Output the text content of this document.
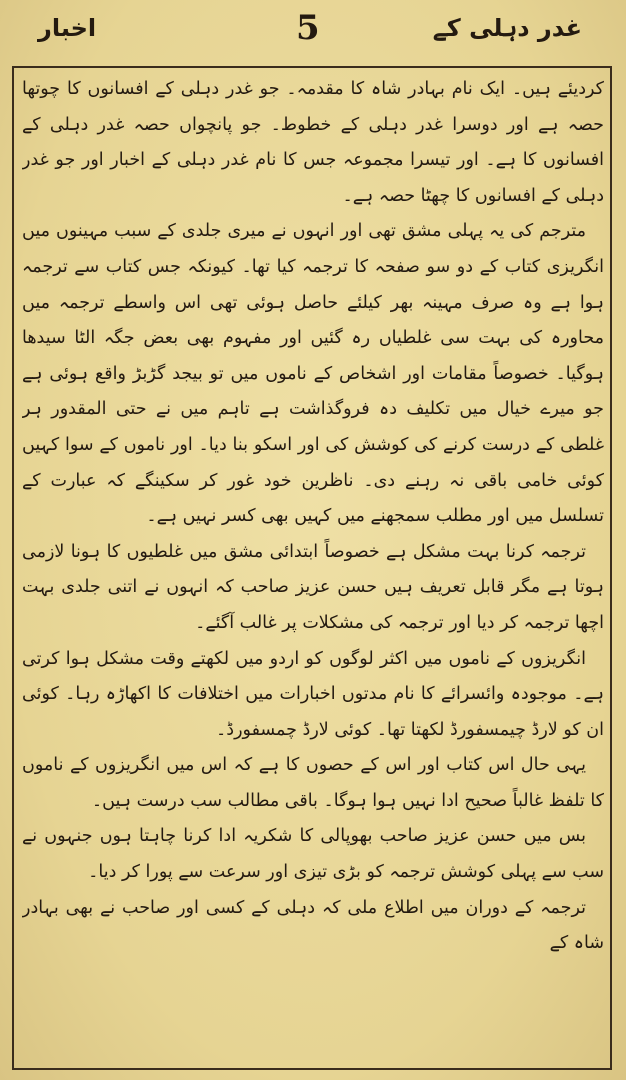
اخبار	5	غدر دہلی کے

کردیئے ہیں۔ ایک نام بہادر شاہ کا مقدمہ۔ جو غدر دہلی کے افسانوں کا چوتھا حصہ ہے اور دوسرا غدر دہلی کے خطوط۔ جو پانچواں حصہ غدر دہلی کے افسانوں کا ہے۔ اور تیسرا مجموعہ جس کا نام غدر دہلی کے اخبار اور جو غدر دہلی کے افسانوں کا چھٹا حصہ ہے۔

مترجم کی یہ پہلی مشق تھی اور انہوں نے میری جلدی کے سبب مہینوں میں انگریزی کتاب کے دو سو صفحہ کا ترجمہ کیا تھا۔ کیونکہ جس کتاب سے ترجمہ ہوا ہے وہ صرف مہینہ بھر کیلئے حاصل ہوئی تھی اس واسطے ترجمہ میں محاورہ کی بہت سی غلطیاں رہ گئیں اور مفہوم بھی بعض جگہ الٹا سیدھا ہوگیا۔ خصوصاً مقامات اور اشخاص کے ناموں میں تو بیجد گڑبڑ واقع ہوئی ہے جو میرے خیال میں تکلیف دہ فروگذاشت ہے تاہم میں نے حتی المقدور ہر غلطی کے درست کرنے کی کوشش کی اور اسکو بنا دیا۔ اور ناموں کے سوا کہیں کوئی خامی باقی نہ رہنے دی۔ ناظرین خود غور کر سکینگے کہ عبارت کے تسلسل میں اور مطلب سمجھنے میں کہیں بھی کسر نہیں ہے۔

ترجمہ کرنا بہت مشکل ہے خصوصاً ابتدائی مشق میں غلطیوں کا ہونا لازمی ہوتا ہے مگر قابل تعریف ہیں حسن عزیز صاحب کہ انہوں نے اتنی جلدی بہت اچھا ترجمہ کر دیا اور ترجمہ کی مشکلات پر غالب آگئے۔

انگریزوں کے ناموں میں اکثر لوگوں کو اردو میں لکھتے وقت مشکل ہوا کرتی ہے۔ موجودہ وائسرائے کا نام مدتوں اخبارات میں اختلافات کا اکھاڑہ رہا۔ کوئی ان کو لارڈ چیمسفورڈ لکھتا تھا۔ کوئی لارڈ چمسفورڈ۔

یہی حال اس کتاب اور اس کے حصوں کا ہے کہ اس میں انگریزوں کے ناموں کا تلفظ غالباً صحیح ادا نہیں ہوا ہوگا۔ باقی مطالب سب درست ہیں۔

بس میں حسن عزیز صاحب بھوپالی کا شکریہ ادا کرنا چاہتا ہوں جنہوں نے سب سے پہلی کوشش ترجمہ کو بڑی تیزی اور سرعت سے پورا کر دیا۔

ترجمہ کے دوران میں اطلاع ملی کہ دہلی کے کسی اور صاحب نے بھی بہادر شاہ کے
